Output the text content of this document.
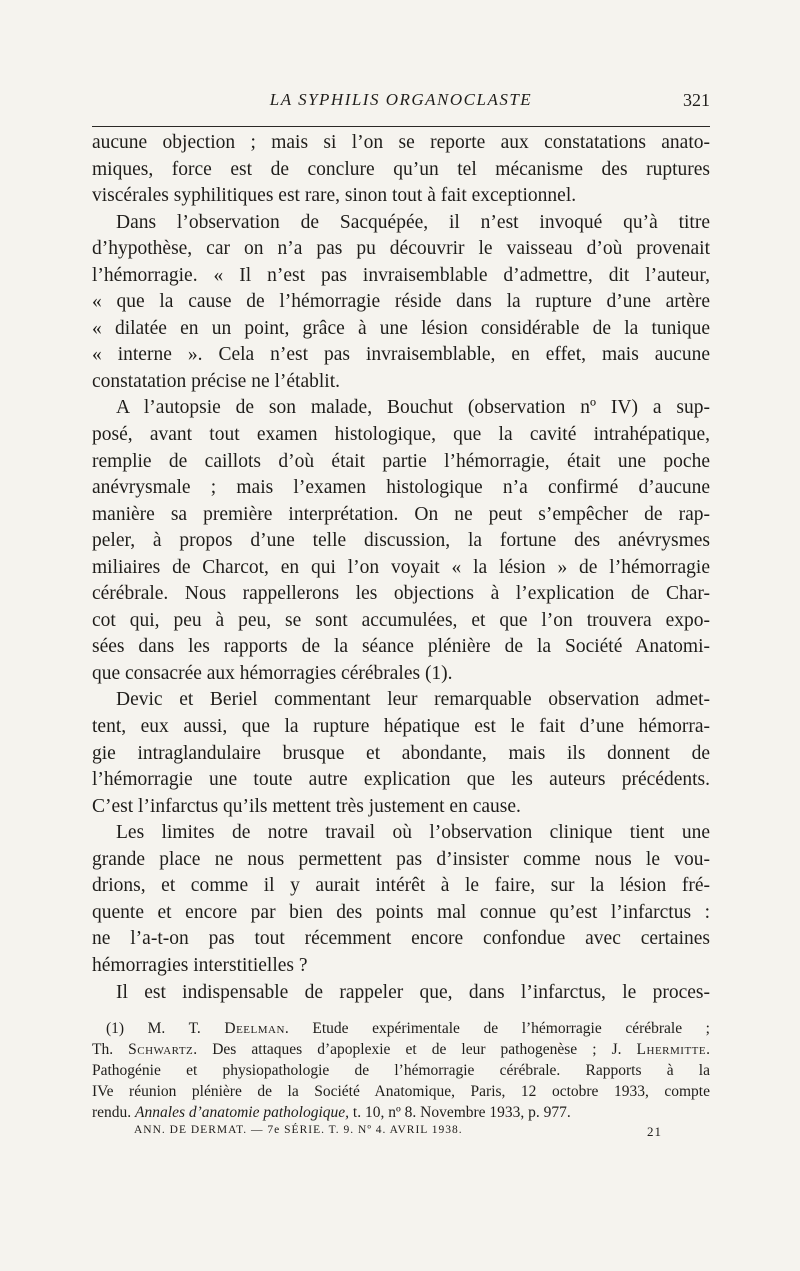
LA SYPHILIS ORGANOCLASTE	321
aucune objection ; mais si l’on se reporte aux constatations anato-
miques, force est de conclure qu’un tel mécanisme des ruptures
viscérales syphilitiques est rare, sinon tout à fait exceptionnel.
Dans l’observation de Sacquépée, il n’est invoqué qu’à titre
d’hypothèse, car on n’a pas pu découvrir le vaisseau d’où provenait
l’hémorragie. « Il n’est pas invraisemblable d’admettre, dit l’auteur,
« que la cause de l’hémorragie réside dans la rupture d’une artère
« dilatée en un point, grâce à une lésion considérable de la tunique
« interne ». Cela n’est pas invraisemblable, en effet, mais aucune
constatation précise ne l’établit.
A l’autopsie de son malade, Bouchut (observation nº IV) a sup-
posé, avant tout examen histologique, que la cavité intrahépatique,
remplie de caillots d’où était partie l’hémorragie, était une poche
anévrysmale ; mais l’examen histologique n’a confirmé d’aucune
manière sa première interprétation. On ne peut s’empêcher de rap-
peler, à propos d’une telle discussion, la fortune des anévrysmes
miliaires de Charcot, en qui l’on voyait « la lésion » de l’hémorragie
cérébrale. Nous rappellerons les objections à l’explication de Char-
cot qui, peu à peu, se sont accumulées, et que l’on trouvera expo-
sées dans les rapports de la séance plénière de la Société Anatomi-
que consacrée aux hémorragies cérébrales (1).
Devic et Beriel commentant leur remarquable observation admet-
tent, eux aussi, que la rupture hépatique est le fait d’une hémorra-
gie intraglandulaire brusque et abondante, mais ils donnent de
l’hémorragie une toute autre explication que les auteurs précédents.
C’est l’infarctus qu’ils mettent très justement en cause.
Les limites de notre travail où l’observation clinique tient une
grande place ne nous permettent pas d’insister comme nous le vou-
drions, et comme il y aurait intérêt à le faire, sur la lésion fré-
quente et encore par bien des points mal connue qu’est l’infarctus :
ne l’a-t-on pas tout récemment encore confondue avec certaines
hémorragies interstitielles ?
Il est indispensable de rappeler que, dans l’infarctus, le proces-
(1) M. T. Deelman. Etude expérimentale de l’hémorragie cérébrale ;
Th. Schwartz. Des attaques d’apoplexie et de leur pathogenèse ; J. Lhermitte.
Pathogénie et physiopathologie de l’hémorragie cérébrale. Rapports à la
IVe réunion plénière de la Société Anatomique, Paris, 12 octobre 1933, compte
rendu. Annales d’anatomie pathologique, t. 10, nº 8. Novembre 1933, p. 977.
ANN. DE DERMAT. — 7e SÉRIE. T. 9. Nº 4. AVRIL 1938.	21
